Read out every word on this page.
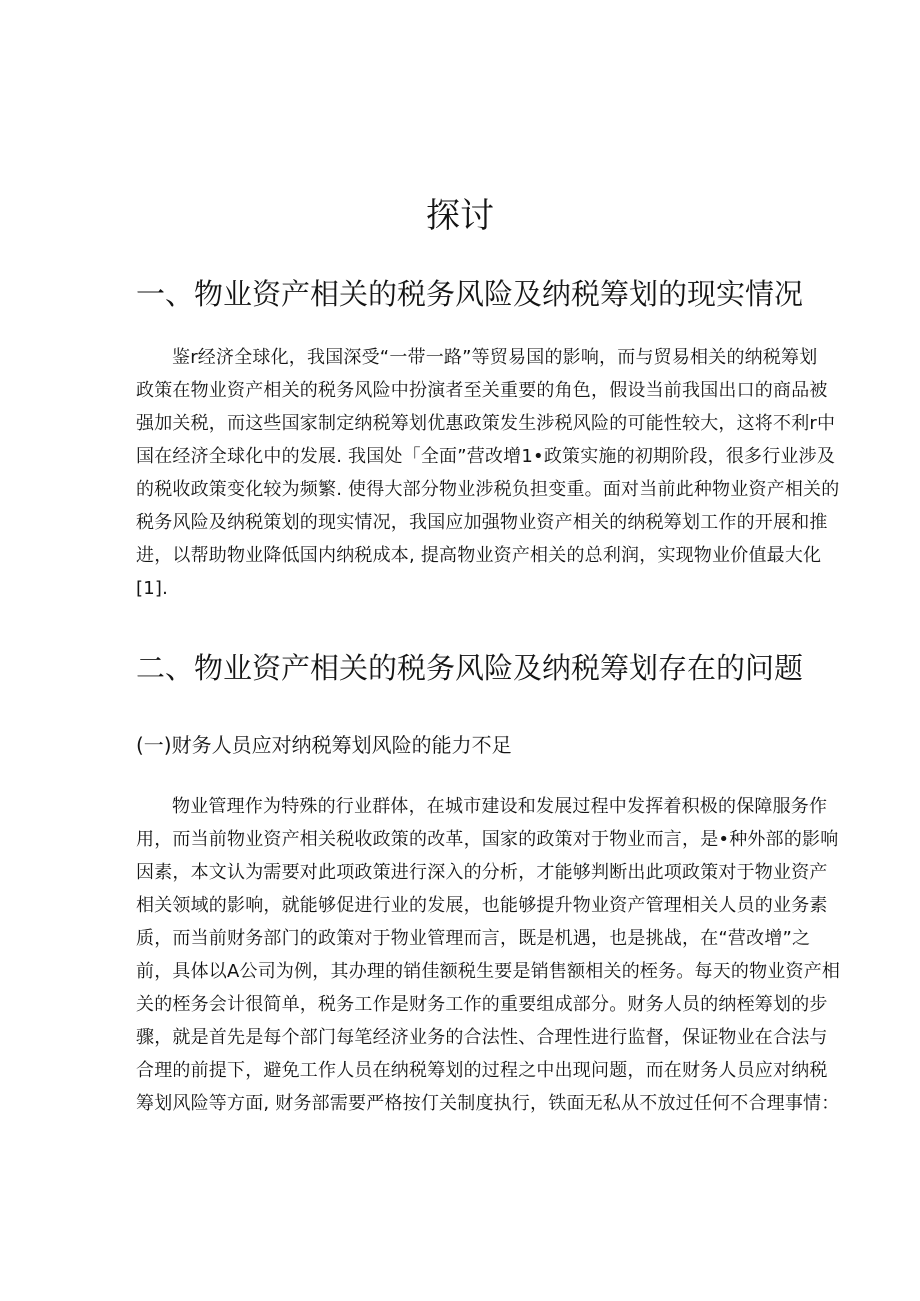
探讨
一、物业资产相关的税务风险及纳税筹划的现实情况
鉴r经济全球化，我国深受“一带一路”等贸易国的影响，而与贸易相关的纳税筹划
政策在物业资产相关的税务风险中扮演者至关重要的角色，假设当前我国出口的商品被
强加关税，而这些国家制定纳税筹划优惠政策发生涉税风险的可能性较大，这将不利r中
国在经济全球化中的发展. 我国处「全面”营改增1•政策实施的初期阶段，很多行业涉及
的税收政策变化较为频繁. 使得大部分物业涉税负担变重。面对当前此种物业资产相关的
税务风险及纳税策划的现实情况，我国应加强物业资产相关的纳税筹划工作的开展和推
进，以帮助物业降低国内纳税成本, 提高物业资产相关的总利润，实现物业价值最大化
[1].
二、物业资产相关的税务风险及纳税筹划存在的问题
(一)财务人员应对纳税筹划风险的能力不足
物业管理作为特殊的行业群体，在城市建设和发展过程中发挥着积极的保障服务作
用，而当前物业资产相关税收政策的改革，国家的政策对于物业而言，是•种外部的影响
因素，本文认为需要对此项政策进行深入的分析，才能够判断出此项政策对于物业资产
相关领域的影响，就能够促进行业的发展，也能够提升物业资产管理相关人员的业务素
质，而当前财务部门的政策对于物业管理而言，既是机遇，也是挑战，在“营改增”之
前，具体以A公司为例，其办理的销佳额税生要是销售额相关的桎务。每天的物业资产相
关的桎务会计很简单，税务工作是财务工作的重要组成部分。财务人员的纳桎筹划的步
骤，就是首先是每个部门每笔经济业务的合法性、合理性进行监督，保证物业在合法与
合理的前提下，避免工作人员在纳税筹划的过程之中出现问题，而在财务人员应对纳税
筹划风险等方面, 财务部需要严格按仃关制度执行，铁面无私从不放过任何不合理事情：
